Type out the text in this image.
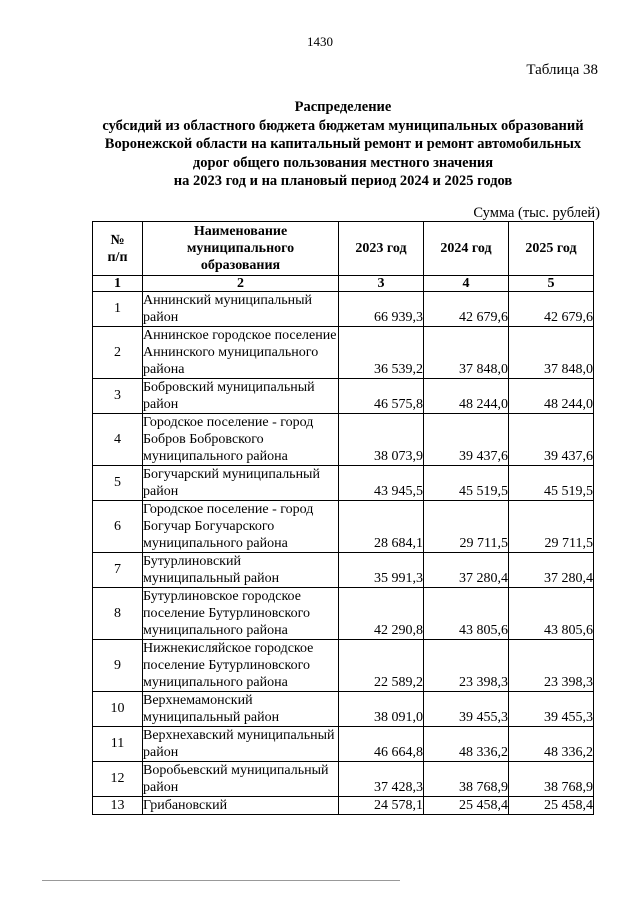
1430
Таблица 38
Распределение
субсидий из областного бюджета бюджетам муниципальных образований
Воронежской области на капитальный ремонт и ремонт автомобильных
дорог общего пользования местного значения
на 2023 год и на плановый период 2024 и 2025 годов
Сумма (тыс. рублей)
№ п/п	Наименование муниципального образования	2023 год	2024 год	2025 год
1	2	3	4	5
1	Аннинский муниципальный район	66 939,3	42 679,6	42 679,6
2	Аннинское городское поселение Аннинского муниципального района	36 539,2	37 848,0	37 848,0
3	Бобровский муниципальный район	46 575,8	48 244,0	48 244,0
4	Городское поселение - город Бобров Бобровского муниципального района	38 073,9	39 437,6	39 437,6
5	Богучарский муниципальный район	43 945,5	45 519,5	45 519,5
6	Городское поселение - город Богучар Богучарского муниципального района	28 684,1	29 711,5	29 711,5
7	Бутурлиновский муниципальный район	35 991,3	37 280,4	37 280,4
8	Бутурлиновское городское поселение Бутурлиновского муниципального района	42 290,8	43 805,6	43 805,6
9	Нижнекисляйское городское поселение Бутурлиновского муниципального района	22 589,2	23 398,3	23 398,3
10	Верхнемамонский муниципальный район	38 091,0	39 455,3	39 455,3
11	Верхнехавский муниципальный район	46 664,8	48 336,2	48 336,2
12	Воробьевский муниципальный район	37 428,3	38 768,9	38 768,9
13	Грибановский	24 578,1	25 458,4	25 458,4
